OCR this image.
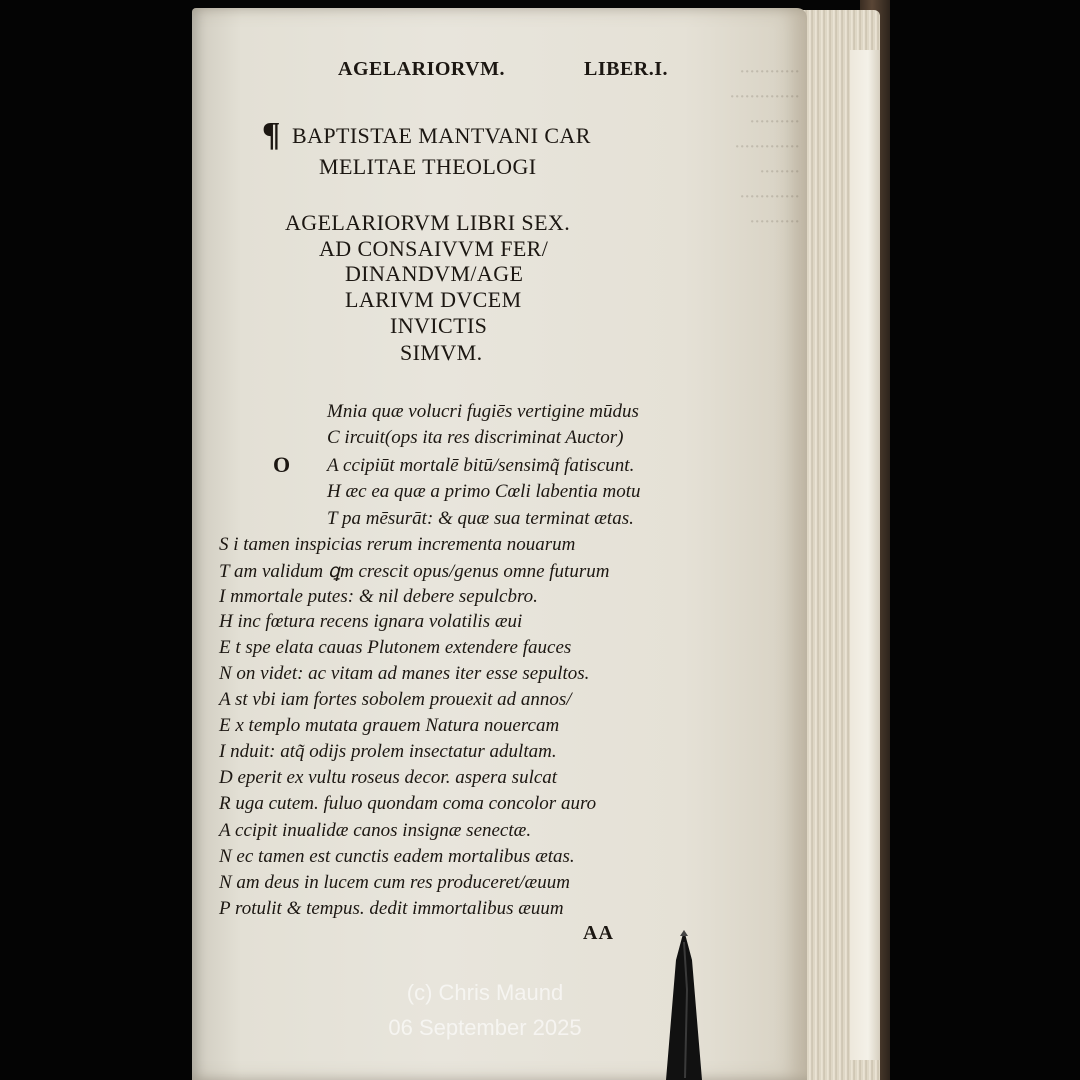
············
··············
··········
·············
········
············
··········
AGELARIORVM.	LIBER.I.
¶ BAPTISTAE MANTVANI CAR
MELITAE THEOLOGI
AGELARIORVM LIBRI SEX.
AD CONSAIVVM FER/
DINANDVM/AGE
LARIVM DVCEM
INVICTIS
SIMVM.
O
Mnia quæ volucri fugiēs vertigine mūdus
C ircuit(ops ita res discriminat Auctor)
A ccipiūt mortalē bitū/sensimq̃ fatiscunt.
H æc ea quæ a primo Cœli labentia motu
T pa mēsurāt: & quæ sua terminat ætas.
S i tamen inspicias rerum incrementa nouarum
T am validum ꝗm crescit opus/genus omne futurum
I mmortale putes: & nil debere sepulcbro.
H inc fœtura recens ignara volatilis æui
E t spe elata cauas Plutonem extendere fauces
N on videt: ac vitam ad manes iter esse sepultos.
A st vbi iam fortes sobolem prouexit ad annos/
E x templo mutata grauem Natura nouercam
I nduit: atq̃ odijs prolem insectatur adultam.
D eperit ex vultu roseus decor. aspera sulcat
R uga cutem. fuluo quondam coma concolor auro
A ccipit inualidæ canos insignæ senectæ.
N ec tamen est cunctis eadem mortalibus ætas.
N am deus in lucem cum res produceret/æuum
P rotulit & tempus. dedit immortalibus æuum
AA
(c) Chris Maund
06 September 2025
